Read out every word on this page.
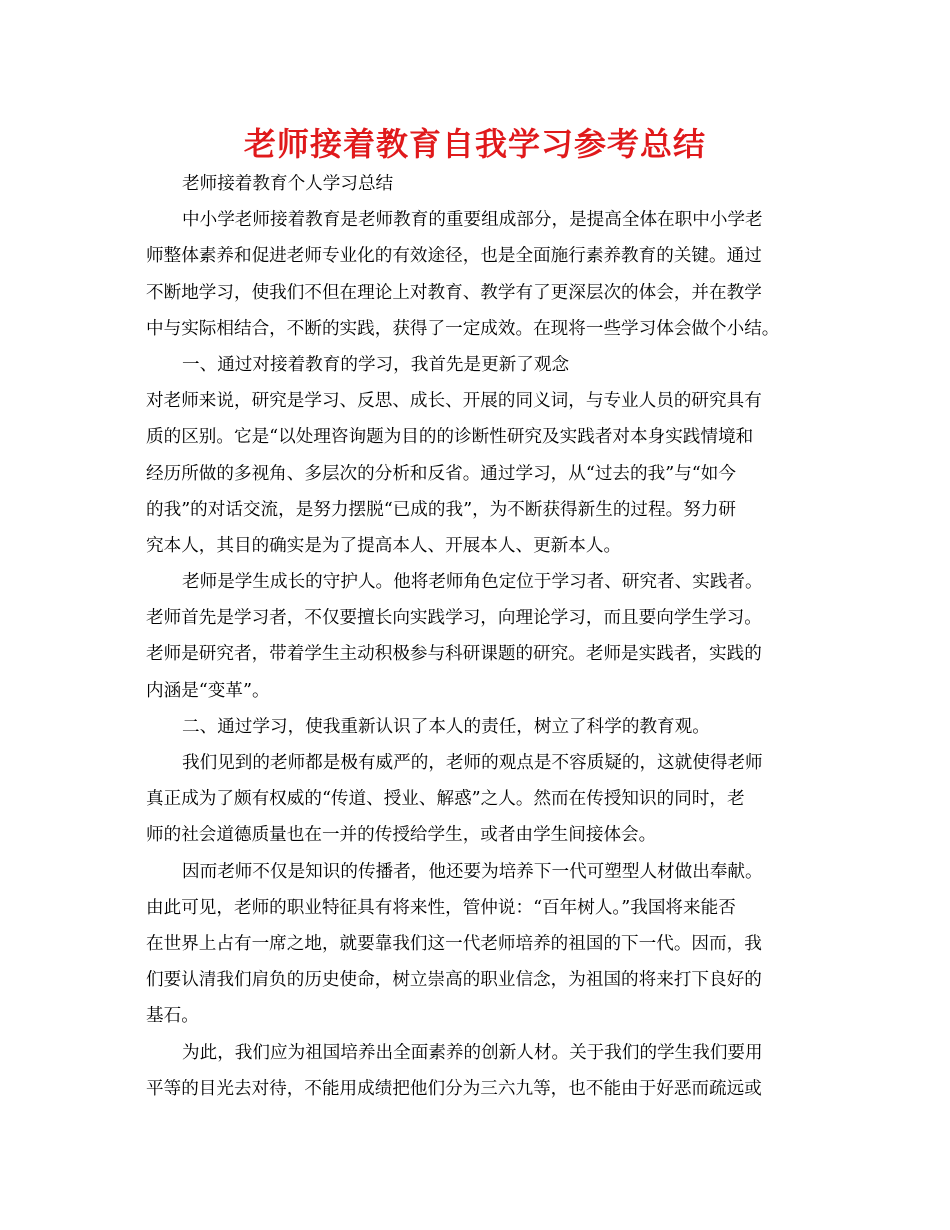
老师接着教育自我学习参考总结
老师接着教育个人学习总结
中小学老师接着教育是老师教育的重要组成部分，是提高全体在职中小学老
师整体素养和促进老师专业化的有效途径，也是全面施行素养教育的关键。通过
不断地学习，使我们不但在理论上对教育、教学有了更深层次的体会，并在教学
中与实际相结合，不断的实践，获得了一定成效。在现将一些学习体会做个小结。
一、通过对接着教育的学习，我首先是更新了观念
对老师来说，研究是学习、反思、成长、开展的同义词，与专业人员的研究具有
质的区别。它是“以处理咨询题为目的的诊断性研究及实践者对本身实践情境和
经历所做的多视角、多层次的分析和反省。通过学习，从“过去的我”与“如今
的我”的对话交流，是努力摆脱“已成的我”，为不断获得新生的过程。努力研
究本人，其目的确实是为了提高本人、开展本人、更新本人。
老师是学生成长的守护人。他将老师角色定位于学习者、研究者、实践者。
老师首先是学习者，不仅要擅长向实践学习，向理论学习，而且要向学生学习。
老师是研究者，带着学生主动积极参与科研课题的研究。老师是实践者，实践的
内涵是“变革”。
二、通过学习，使我重新认识了本人的责任，树立了科学的教育观。
我们见到的老师都是极有威严的，老师的观点是不容质疑的，这就使得老师
真正成为了颇有权威的“传道、授业、解惑”之人。然而在传授知识的同时，老
师的社会道德质量也在一并的传授给学生，或者由学生间接体会。
因而老师不仅是知识的传播者，他还要为培养下一代可塑型人材做出奉献。
由此可见，老师的职业特征具有将来性，管仲说：“百年树人。”我国将来能否
在世界上占有一席之地，就要靠我们这一代老师培养的祖国的下一代。因而，我
们要认清我们肩负的历史使命，树立崇高的职业信念，为祖国的将来打下良好的
基石。
为此，我们应为祖国培养出全面素养的创新人材。关于我们的学生我们要用
平等的目光去对待，不能用成绩把他们分为三六九等，也不能由于好恶而疏远或
